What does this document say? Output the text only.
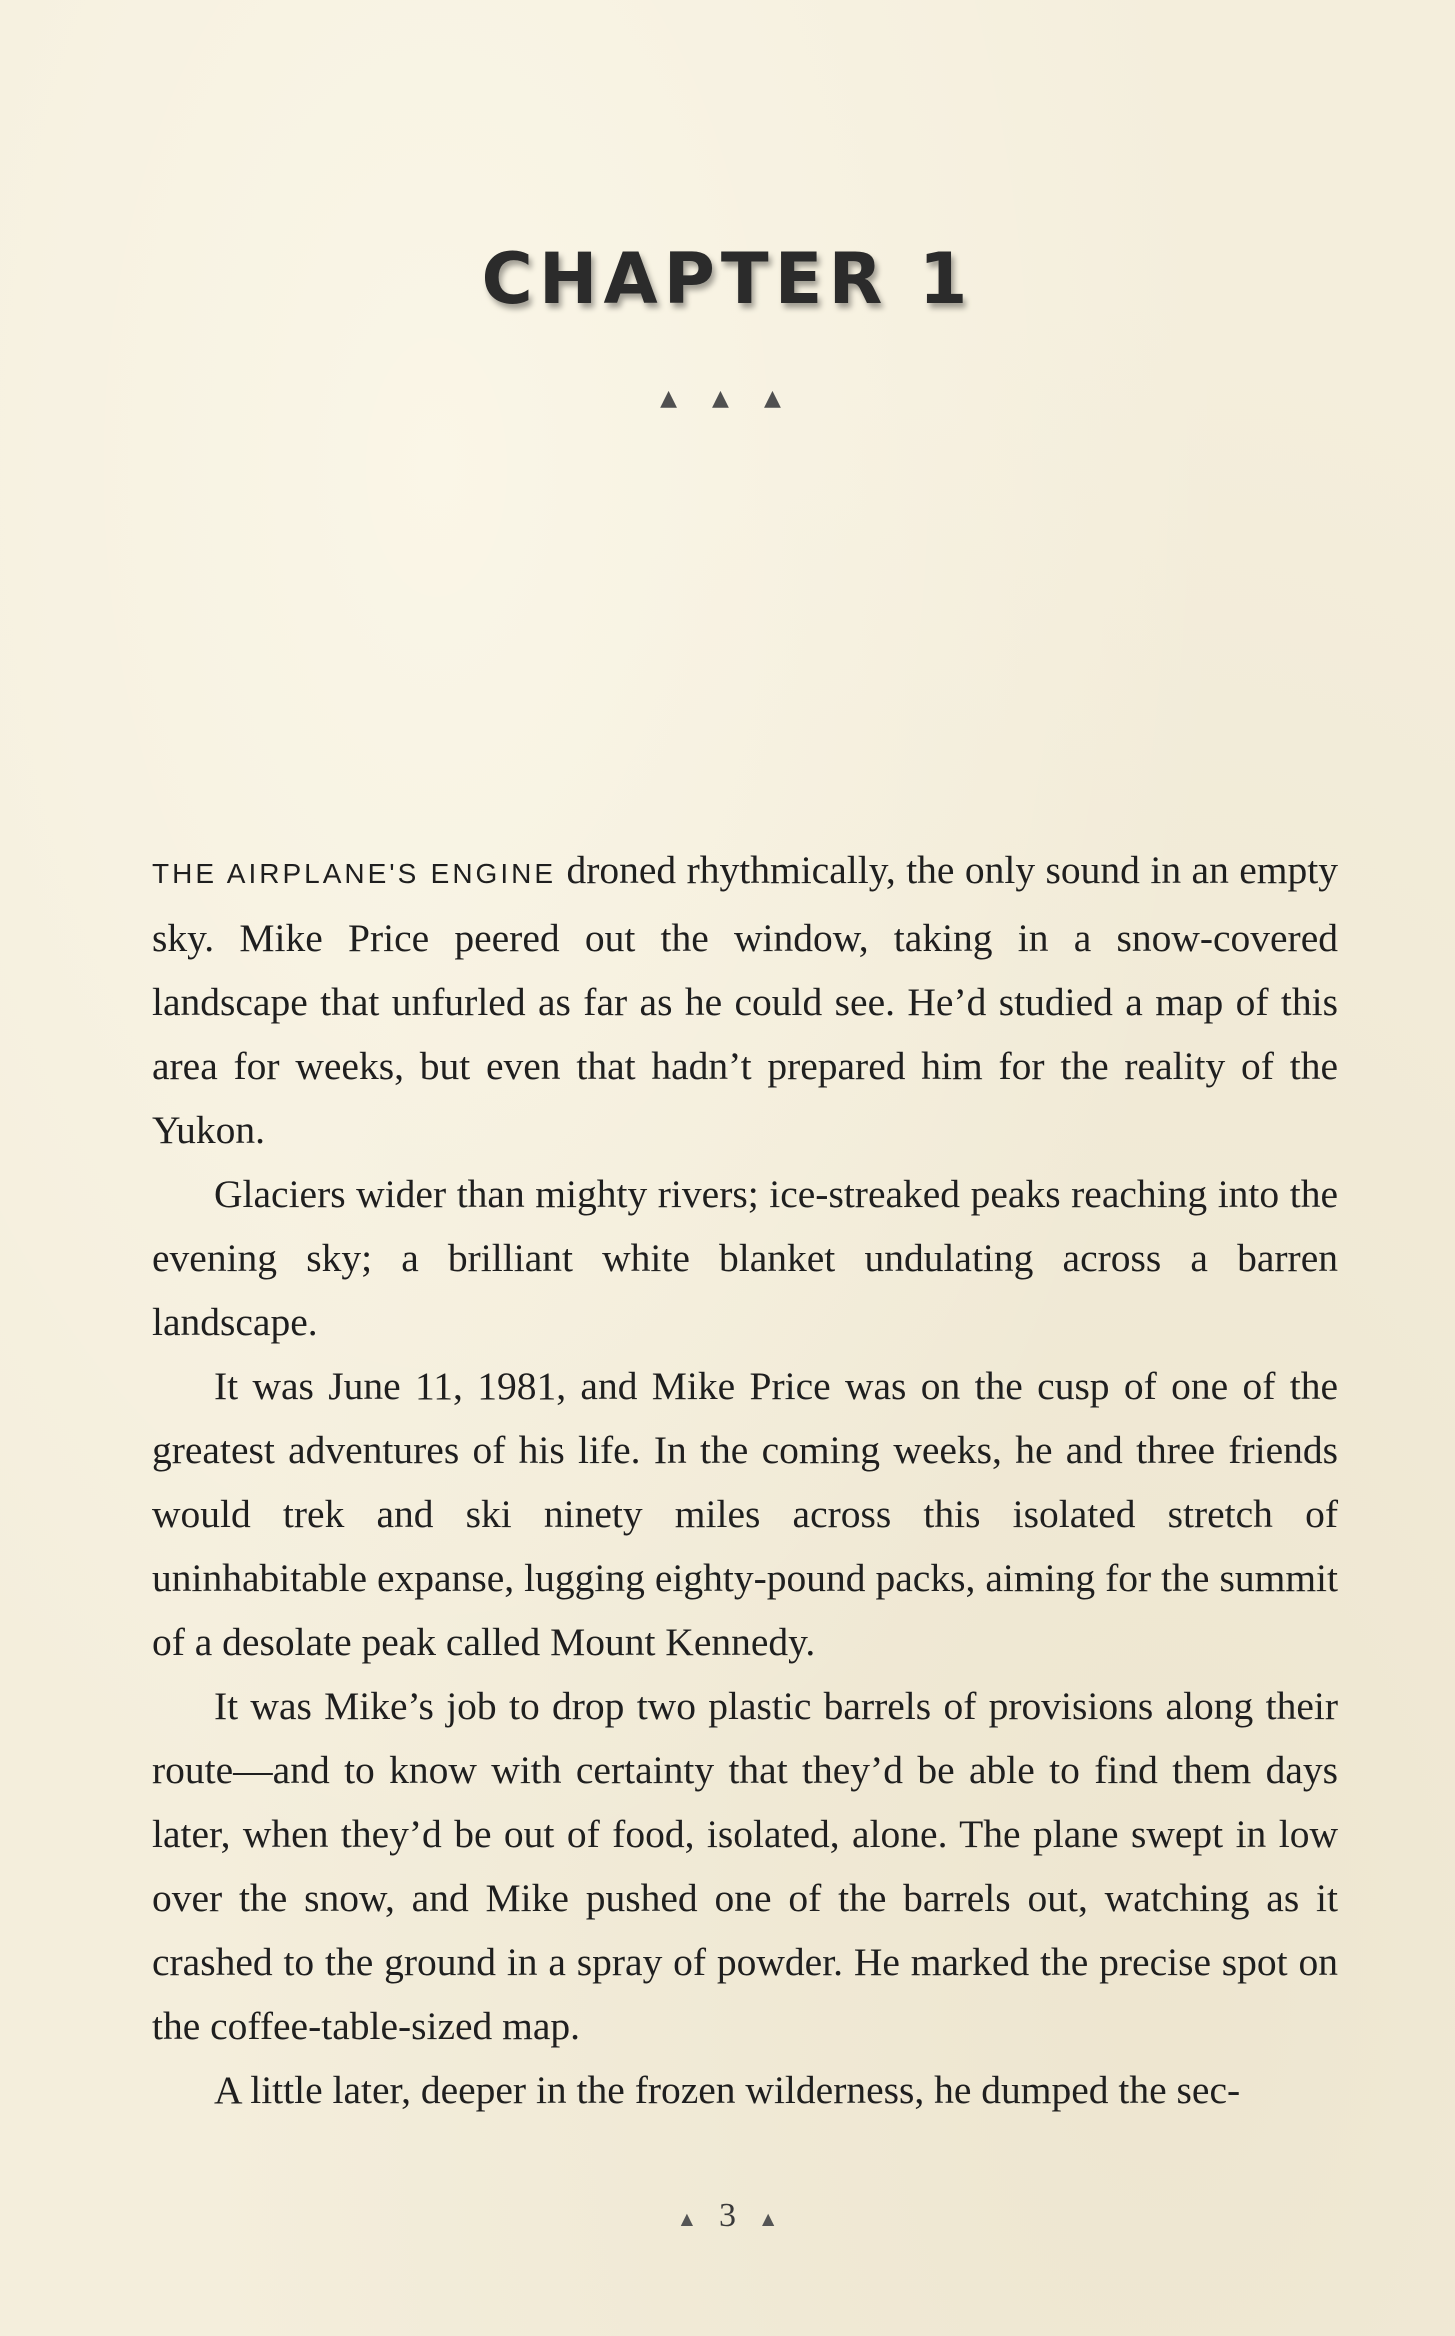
CHAPTER 1
▲ ▲ ▲

THE AIRPLANE'S ENGINE droned rhythmically, the only sound in an empty sky. Mike Price peered out the window, taking in a snow-covered landscape that unfurled as far as he could see. He’d studied a map of this area for weeks, but even that hadn’t prepared him for the reality of the Yukon.

Glaciers wider than mighty rivers; ice-streaked peaks reaching into the evening sky; a brilliant white blanket undulating across a barren landscape.

It was June 11, 1981, and Mike Price was on the cusp of one of the greatest adventures of his life. In the coming weeks, he and three friends would trek and ski ninety miles across this isolated stretch of uninhabitable expanse, lugging eighty-pound packs, aiming for the summit of a desolate peak called Mount Kennedy.

It was Mike’s job to drop two plastic barrels of provisions along their route—and to know with certainty that they’d be able to find them days later, when they’d be out of food, isolated, alone. The plane swept in low over the snow, and Mike pushed one of the barrels out, watching as it crashed to the ground in a spray of powder. He marked the precise spot on the coffee-table-sized map.

A little later, deeper in the frozen wilderness, he dumped the sec-

▲ 3 ▲
